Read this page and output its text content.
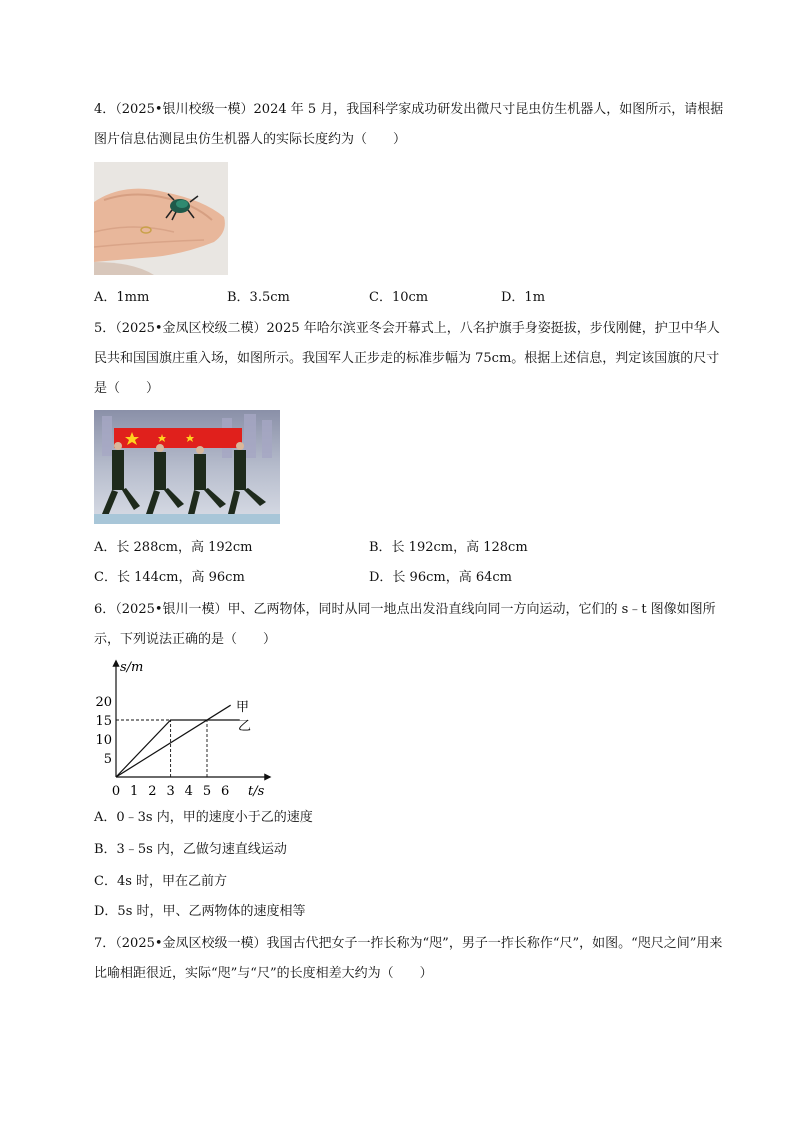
4．（2025•银川校级一模）2024 年 5 月，我国科学家成功研发出微尺寸昆虫仿生机器人，如图所示，请根据图片信息估测昆虫仿生机器人的实际长度约为（　　）

A．1mm	B．3.5cm	C．10cm	D．1m

5．（2025•金凤区校级二模）2025 年哈尔滨亚冬会开幕式上，八名护旗手身姿挺拔，步伐刚健，护卫中华人民共和国国旗庄重入场，如图所示。我国军人正步走的标准步幅为 75cm。根据上述信息，判定该国旗的尺寸是（　　）

A．长 288cm，高 192cm	B．长 192cm，高 128cm
C．长 144cm，高 96cm	D．长 96cm，高 64cm

6．（2025•银川一模）甲、乙两物体，同时从同一地点出发沿直线向同一方向运动，它们的 s﹣t 图像如图所示，下列说法正确的是（　　）

s/m
t/s
0 1 2 3 4 5 6
5
10
15
20	甲
乙
A．0﹣3s 内，甲的速度小于乙的速度
B．3﹣5s 内，乙做匀速直线运动
C．4s 时，甲在乙前方
D．5s 时，甲、乙两物体的速度相等

7．（2025•金凤区校级一模）我国古代把女子一拃长称为“咫”，男子一拃长称作“尺”，如图。“咫尺之间”用来比喻相距很近，实际“咫”与“尺”的长度相差大约为（　　）
